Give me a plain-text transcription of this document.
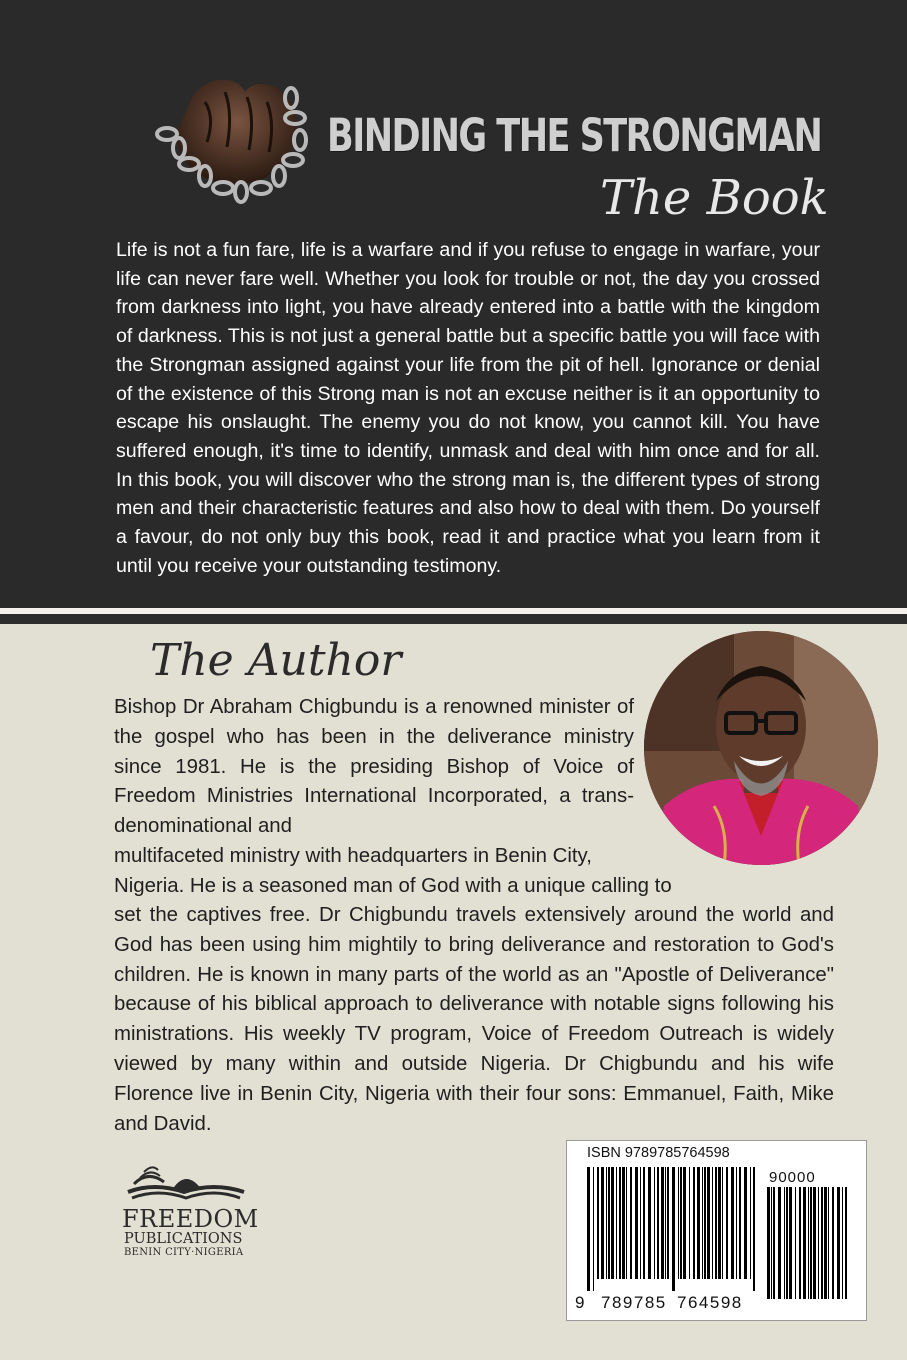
BINDING THE STRONGMAN
The Book

Life is not a fun fare, life is a warfare and if you refuse to engage in warfare, your life can never fare well. Whether you look for trouble or not, the day you crossed from darkness into light, you have already entered into a battle with the kingdom of darkness. This is not just a general battle but a specific battle you will face with the Strongman assigned against your life from the pit of hell. Ignorance or denial of the existence of this Strong man is not an excuse neither is it an opportunity to escape his onslaught. The enemy you do not know, you cannot kill. You have suffered enough, it's time to identify, unmask and deal with him once and for all. In this book, you will discover who the strong man is, the different types of strong men and their characteristic features and also how to deal with them. Do yourself a favour, do not only buy this book, read it and practice what you learn from it until you receive your outstanding testimony.

The Author

Bishop Dr Abraham Chigbundu is a renowned minister of the gospel who has been in the deliverance ministry since 1981. He is the presiding Bishop of Voice of Freedom Ministries International Incorporated, a trans-denominational and

multifaceted ministry with headquarters in Benin City,

Nigeria. He is a seasoned man of God with a unique calling to

set the captives free. Dr Chigbundu travels extensively around the world and God has been using him mightily to bring deliverance and restoration to God's children. He is known in many parts of the world as an "Apostle of Deliverance" because of his biblical approach to deliverance with notable signs following his ministrations. His weekly TV program, Voice of Freedom Outreach is widely viewed by many within and outside Nigeria. Dr Chigbundu and his wife Florence live in Benin City, Nigeria with their four sons: Emmanuel, Faith, Mike and David.

FREEDOM
PUBLICATIONS
BENIN CITY·NIGERIA
ISBN 9789785764598
90000
9 789785 764598
